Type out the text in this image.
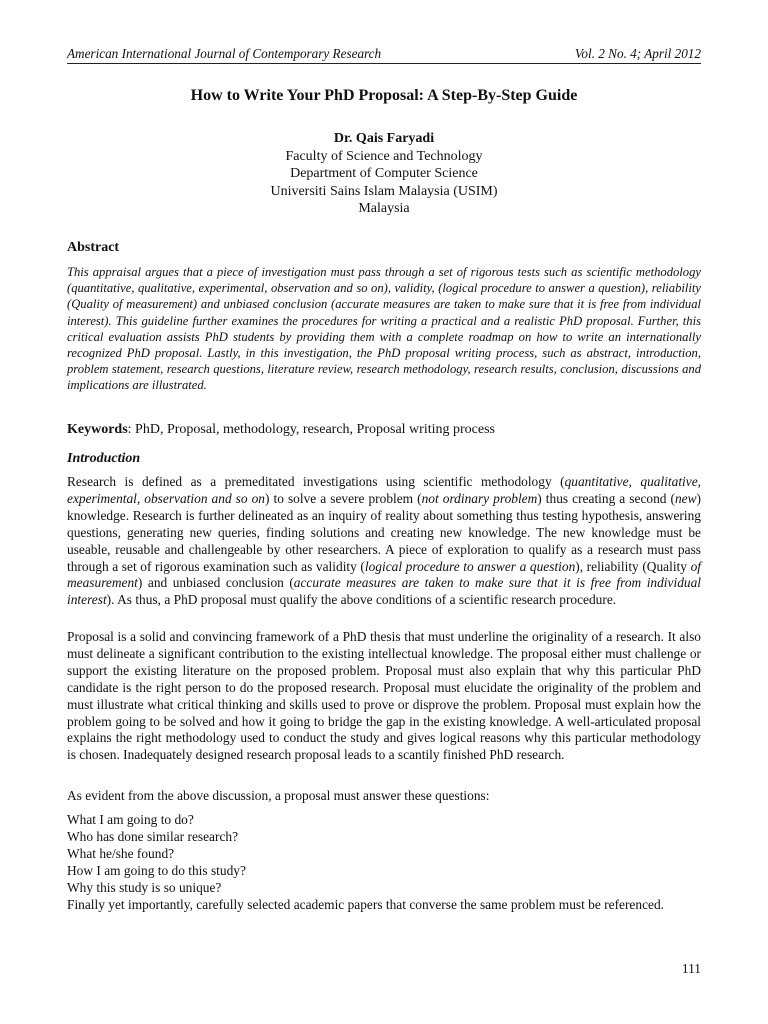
American International Journal of Contemporary Research	Vol. 2 No. 4; April 2012
How to Write Your PhD Proposal: A Step-By-Step Guide
Dr. Qais Faryadi
Faculty of Science and Technology
Department of Computer Science
Universiti Sains Islam Malaysia (USIM)
Malaysia
Abstract
This appraisal argues that a piece of investigation must pass through a set of rigorous tests such as scientific methodology (quantitative, qualitative, experimental, observation and so on), validity, (logical procedure to answer a question), reliability (Quality of measurement) and unbiased conclusion (accurate measures are taken to make sure that it is free from individual interest). This guideline further examines the procedures for writing a practical and a realistic PhD proposal. Further, this critical evaluation assists PhD students by providing them with a complete roadmap on how to write an internationally recognized PhD proposal. Lastly, in this investigation, the PhD proposal writing process, such as abstract, introduction, problem statement, research questions, literature review, research methodology, research results, conclusion, discussions and implications are illustrated.
Keywords: PhD, Proposal, methodology, research, Proposal writing process
Introduction
Research is defined as a premeditated investigations using scientific methodology (quantitative, qualitative, experimental, observation and so on) to solve a severe problem (not ordinary problem) thus creating a second (new) knowledge. Research is further delineated as an inquiry of reality about something thus testing hypothesis, answering questions, generating new queries, finding solutions and creating new knowledge. The new knowledge must be useable, reusable and challengeable by other researchers. A piece of exploration to qualify as a research must pass through a set of rigorous examination such as validity (logical procedure to answer a question), reliability (Quality of measurement) and unbiased conclusion (accurate measures are taken to make sure that it is free from individual interest). As thus, a PhD proposal must qualify the above conditions of a scientific research procedure.
Proposal is a solid and convincing framework of a PhD thesis that must underline the originality of a research. It also must delineate a significant contribution to the existing intellectual knowledge. The proposal either must challenge or support the existing literature on the proposed problem. Proposal must also explain that why this particular PhD candidate is the right person to do the proposed research. Proposal must elucidate the originality of the problem and must illustrate what critical thinking and skills used to prove or disprove the problem. Proposal must explain how the problem going to be solved and how it going to bridge the gap in the existing knowledge. A well-articulated proposal explains the right methodology used to conduct the study and gives logical reasons why this particular methodology is chosen. Inadequately designed research proposal leads to a scantily finished PhD research.
As evident from the above discussion, a proposal must answer these questions:
What I am going to do?
Who has done similar research?
What he/she found?
How I am going to do this study?
Why this study is so unique?
Finally yet importantly, carefully selected academic papers that converse the same problem must be referenced.
111
